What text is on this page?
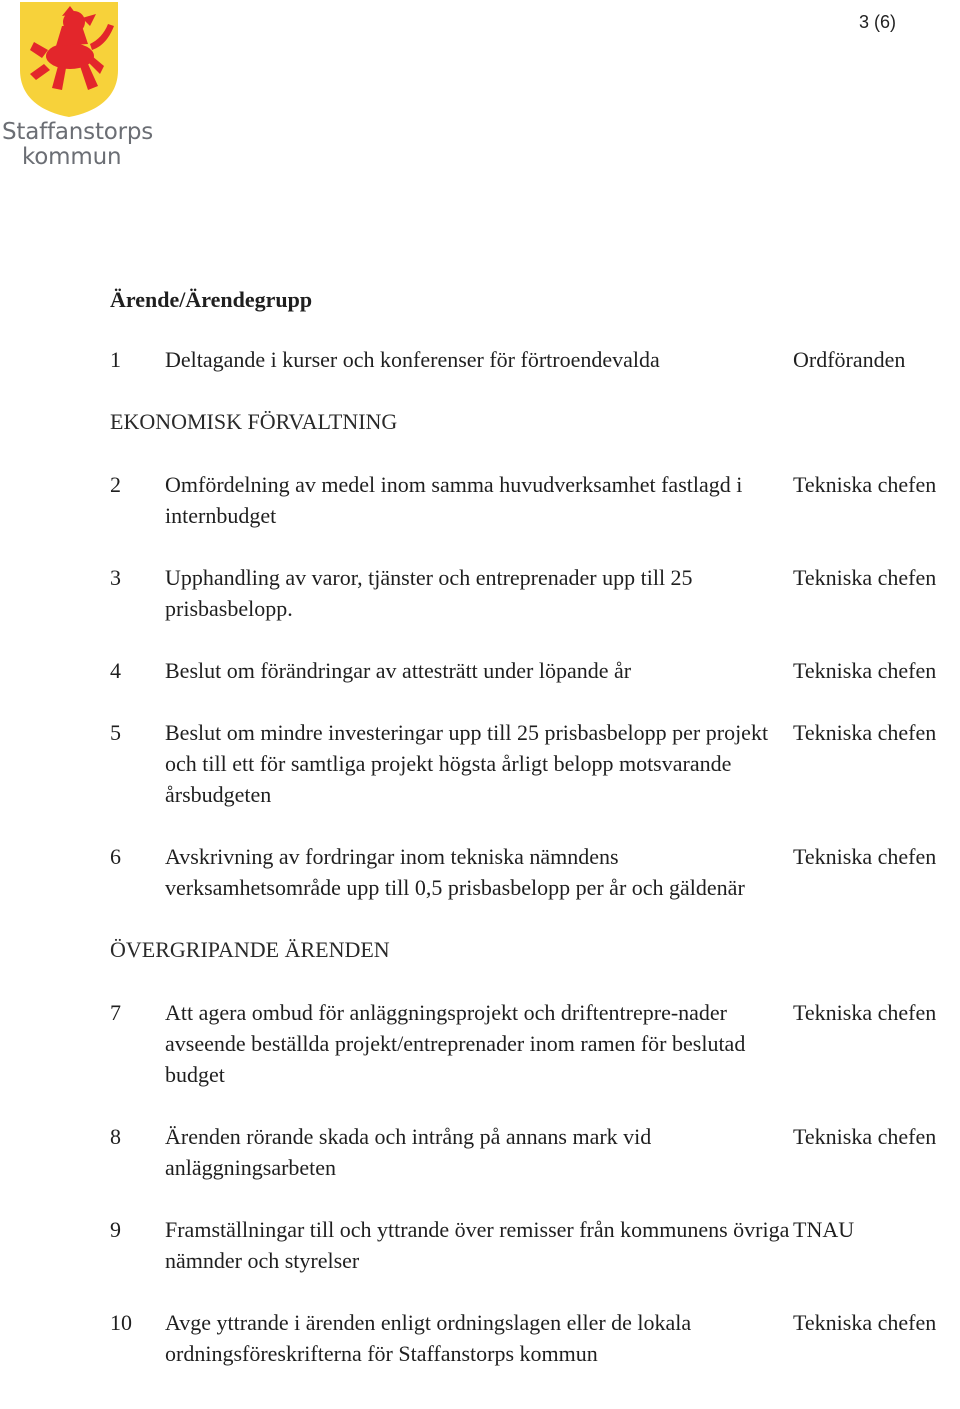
3 (6)
Staffanstorps
kommun
Ärende/Ärendegrupp
1	Deltagande i kurser och konferenser för förtroendevalda	Ordföranden
EKONOMISK FÖRVALTNING
2	Omfördelning av medel inom samma huvudverksamhet fastlagd i internbudget
Tekniska chefen
3	Upphandling av varor, tjänster och entreprenader upp till 25 prisbasbelopp.
Tekniska chefen
4	Beslut om förändringar av attesträtt under löpande år	Tekniska chefen
5	Beslut om mindre investeringar upp till 25 prisbasbelopp per projekt och till ett för samtliga projekt högsta årligt belopp motsvarande årsbudgeten
Tekniska chefen
6	Avskrivning av fordringar inom tekniska nämndens verksamhetsområde upp till 0,5 prisbasbelopp per år och gäldenär
Tekniska chefen
ÖVERGRIPANDE ÄRENDEN
7	Att agera ombud för anläggningsprojekt och driftentrepre-nader avseende beställda projekt/entreprenader inom ramen för beslutad budget
Tekniska chefen
8	Ärenden rörande skada och intrång på annans mark vid anläggningsarbeten
Tekniska chefen
9	Framställningar till och yttrande över remisser från kommunens övriga nämnder och styrelser
TNAU
10	Avge yttrande i ärenden enligt ordningslagen eller de lokala ordningsföreskrifterna för Staffanstorps kommun
Tekniska chefen
